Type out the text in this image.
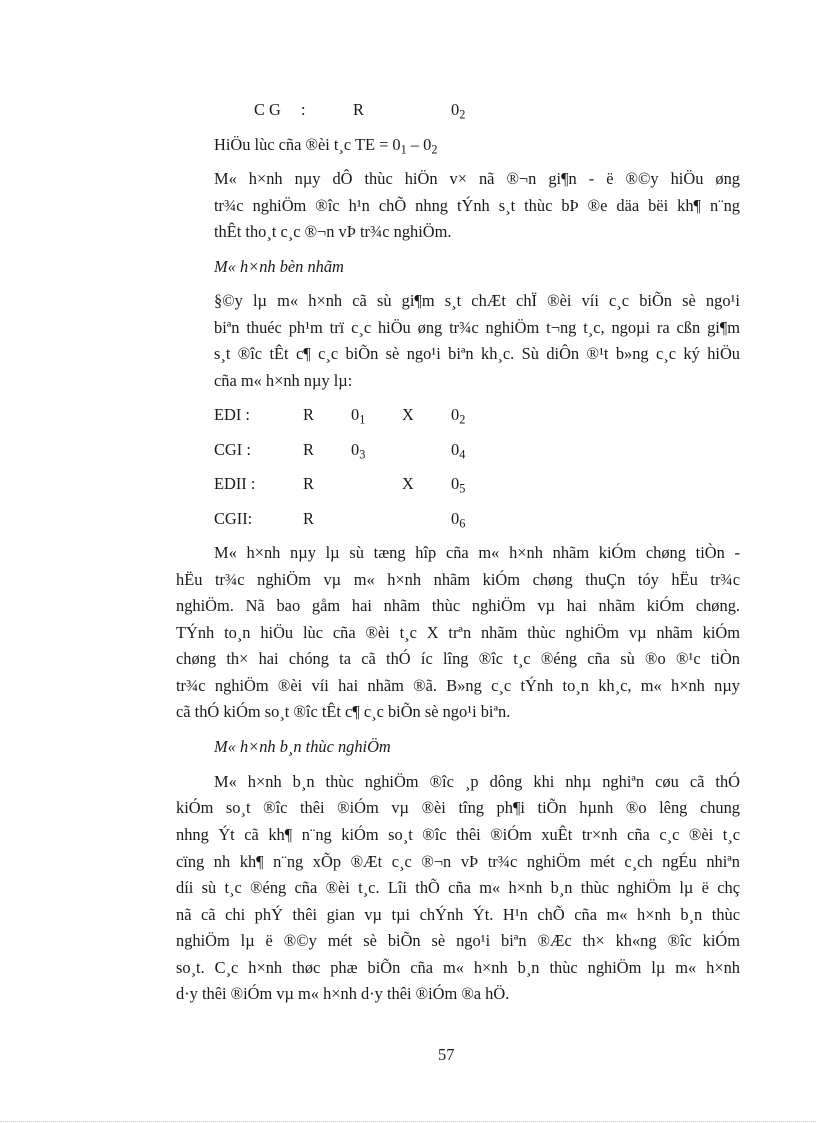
C G :	R	$0_2$
HiÖu lùc cña ®èi t¸c TE = $0_1 - 0_2$
M« h×nh nµy dÔ thùc hiÖn v× nã ®¬n gi¶n - ë ®©y hiÖu øng
tr¾c nghiÖm ®îc h¹n chÕ nhng tÝnh s¸t thùc bÞ ®e däa bëi kh¶ n¨ng
thÊt tho¸t c¸c ®¬n vÞ tr¾c nghiÖm.
M« h×nh bèn nhãm
§©y lµ m« h×nh cã sù gi¶m s¸t chÆt chÏ ®èi víi c¸c biÕn sè ngo¹i
biªn thuéc ph¹m trï c¸c hiÖu øng tr¾c nghiÖm t¬ng t¸c, ngoµi ra cßn gi¶m
s¸t ®îc tÊt c¶ c¸c biÕn sè ngo¹i biªn kh¸c. Sù diÔn ®¹t b»ng c¸c ký hiÖu
cña m« h×nh nµy lµ:
EDI :	R $0_1$ X $0_2$
CGI :	R $0_3$	$0_4$
EDII :	R	X $0_5$
CGII:	R	$0_6$
M« h×nh nµy lµ sù tæng hîp cña m« h×nh nhãm kiÓm chøng tiÒn -
hËu tr¾c nghiÖm vµ m« h×nh nhãm kiÓm chøng thuÇn tóy hËu tr¾c
nghiÖm. Nã bao gåm hai nhãm thùc nghiÖm vµ hai nhãm kiÓm chøng.
TÝnh to¸n hiÖu lùc cña ®èi t¸c X trªn nhãm thùc nghiÖm vµ nhãm kiÓm
chøng th× hai chóng ta cã thÓ íc lîng ®îc t¸c ®éng cña sù ®o ®¹c tiÒn
tr¾c nghiÖm ®èi víi hai nhãm ®ã. B»ng c¸c tÝnh to¸n kh¸c, m« h×nh nµy
cã thÓ kiÓm so¸t ®îc tÊt c¶ c¸c biÕn sè ngo¹i biªn.
M« h×nh b¸n thùc nghiÖm
M« h×nh b¸n thùc nghiÖm ®îc ¸p dông khi nhµ nghiªn cøu cã thÓ
kiÓm so¸t ®îc thêi ®iÓm vµ ®èi tîng ph¶i tiÕn hµnh ®o lêng chung
nhng Ýt cã kh¶ n¨ng kiÓm so¸t ®îc thêi ®iÓm xuÊt tr×nh cña c¸c ®èi t¸c
cïng nh kh¶ n¨ng xÕp ®Æt c¸c ®¬n vÞ tr¾c nghiÖm mét c¸ch ngÉu nhiªn
díi sù t¸c ®éng cña ®èi t¸c. Lîi thÕ cña m« h×nh b¸n thùc nghiÖm lµ ë chç
nã cã chi phÝ thêi gian vµ tµi chÝnh Ýt. H¹n chÕ cña m« h×nh b¸n thùc
nghiÖm lµ ë ®©y mét sè biÕn sè ngo¹i biªn ®Æc th× kh«ng ®îc kiÓm
so¸t. C¸c h×nh thøc phæ biÕn cña m« h×nh b¸n thùc nghiÖm lµ m« h×nh
d·y thêi ®iÓm vµ m« h×nh d·y thêi ®iÓm ®a hÖ.
57
